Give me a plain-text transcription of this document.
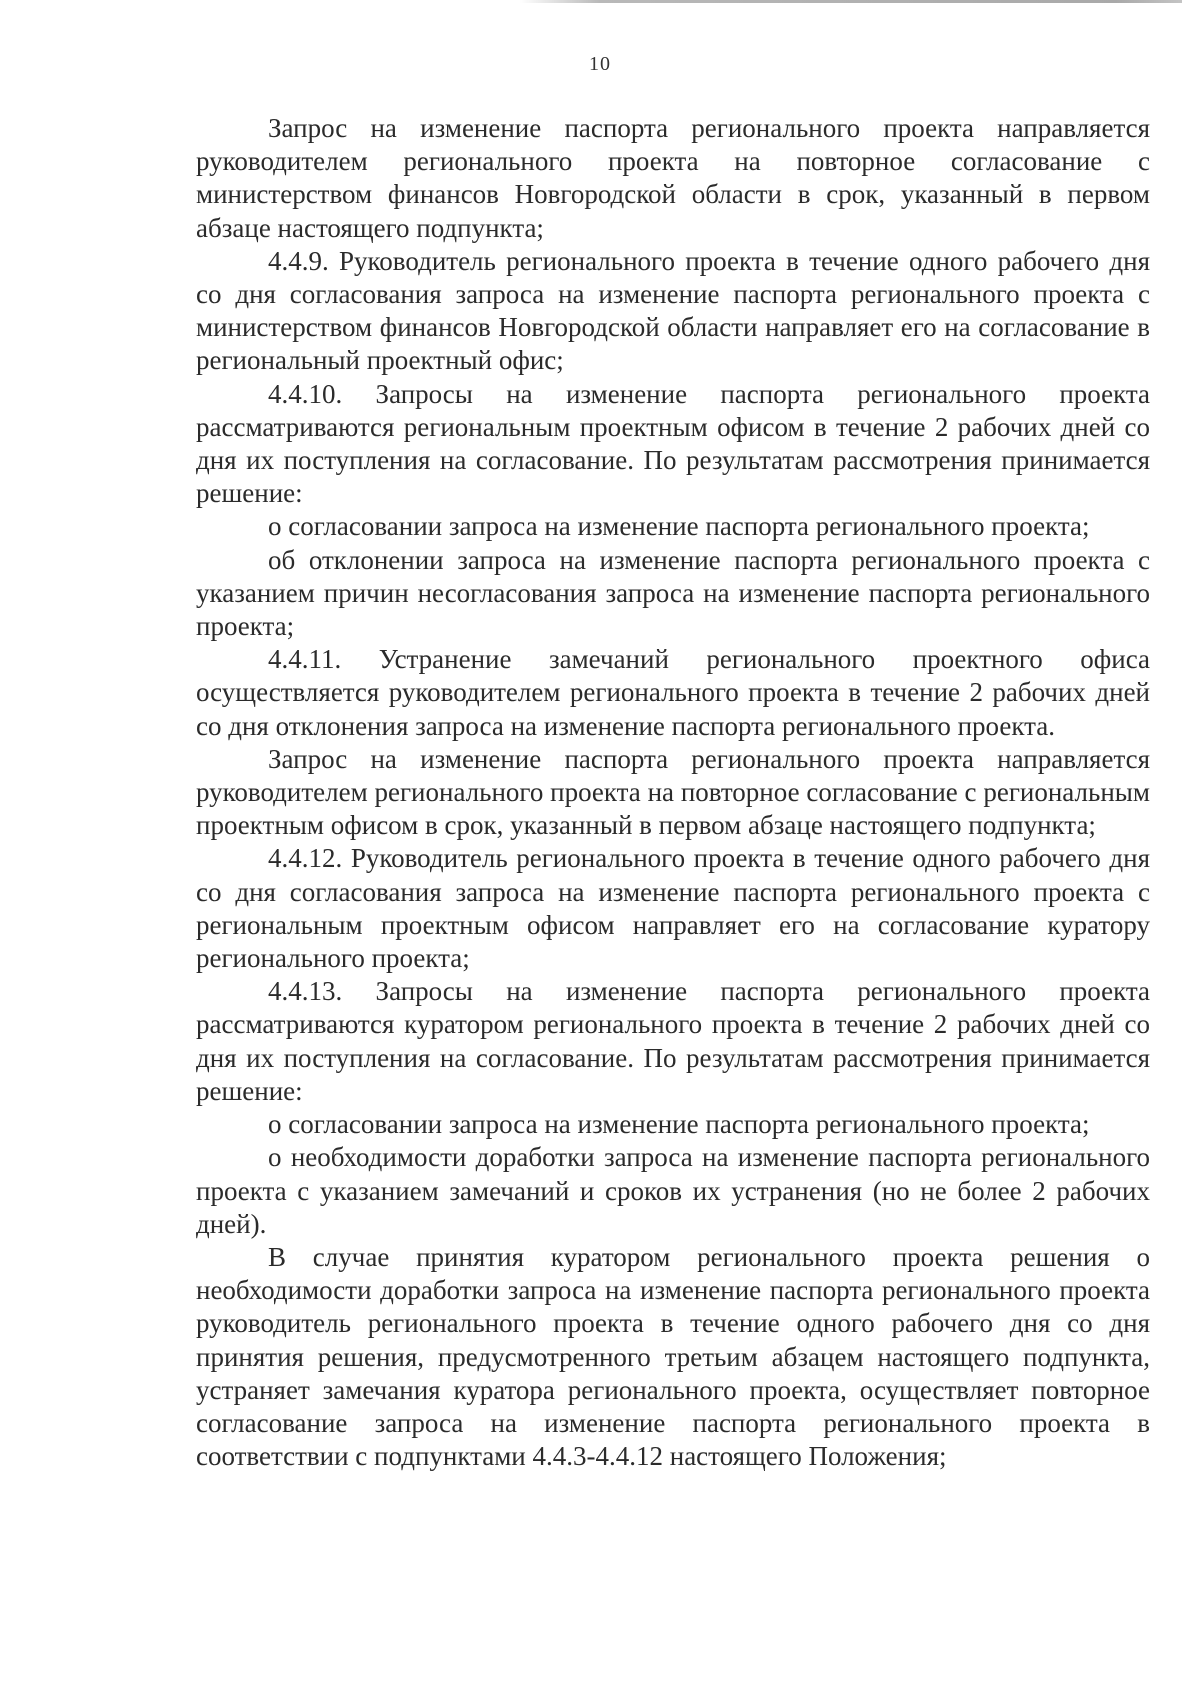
10

Запрос на изменение паспорта регионального проекта направляется руководителем регионального проекта на повторное согласование с министерством финансов Новгородской области в срок, указанный в первом абзаце настоящего подпункта;

4.4.9. Руководитель регионального проекта в течение одного рабочего дня со дня согласования запроса на изменение паспорта регионального проекта с министерством финансов Новгородской области направляет его на согласование в региональный проектный офис;

4.4.10. Запросы на изменение паспорта регионального проекта рассматриваются региональным проектным офисом в течение 2 рабочих дней со дня их поступления на согласование. По результатам рассмотрения принимается решение:

о согласовании запроса на изменение паспорта регионального проекта;

об отклонении запроса на изменение паспорта регионального проекта с указанием причин несогласования запроса на изменение паспорта регионального проекта;

4.4.11. Устранение замечаний регионального проектного офиса осуществляется руководителем регионального проекта в течение 2 рабочих дней со дня отклонения запроса на изменение паспорта регионального проекта.

Запрос на изменение паспорта регионального проекта направляется руководителем регионального проекта на повторное согласование с региональным проектным офисом в срок, указанный в первом абзаце настоящего подпункта;

4.4.12. Руководитель регионального проекта в течение одного рабочего дня со дня согласования запроса на изменение паспорта регионального проекта с региональным проектным офисом направляет его на согласование куратору регионального проекта;

4.4.13. Запросы на изменение паспорта регионального проекта рассматриваются куратором регионального проекта в течение 2 рабочих дней со дня их поступления на согласование. По результатам рассмотрения принимается решение:

о согласовании запроса на изменение паспорта регионального проекта;

о необходимости доработки запроса на изменение паспорта регионального проекта с указанием замечаний и сроков их устранения (но не более 2 рабочих дней).

В случае принятия куратором регионального проекта решения о необходимости доработки запроса на изменение паспорта регионального проекта руководитель регионального проекта в течение одного рабочего дня со дня принятия решения, предусмотренного третьим абзацем настоящего подпункта, устраняет замечания куратора регионального проекта, осуществляет повторное согласование запроса на изменение паспорта регионального проекта в соответствии с подпунктами 4.4.3-4.4.12 настоящего Положения;
